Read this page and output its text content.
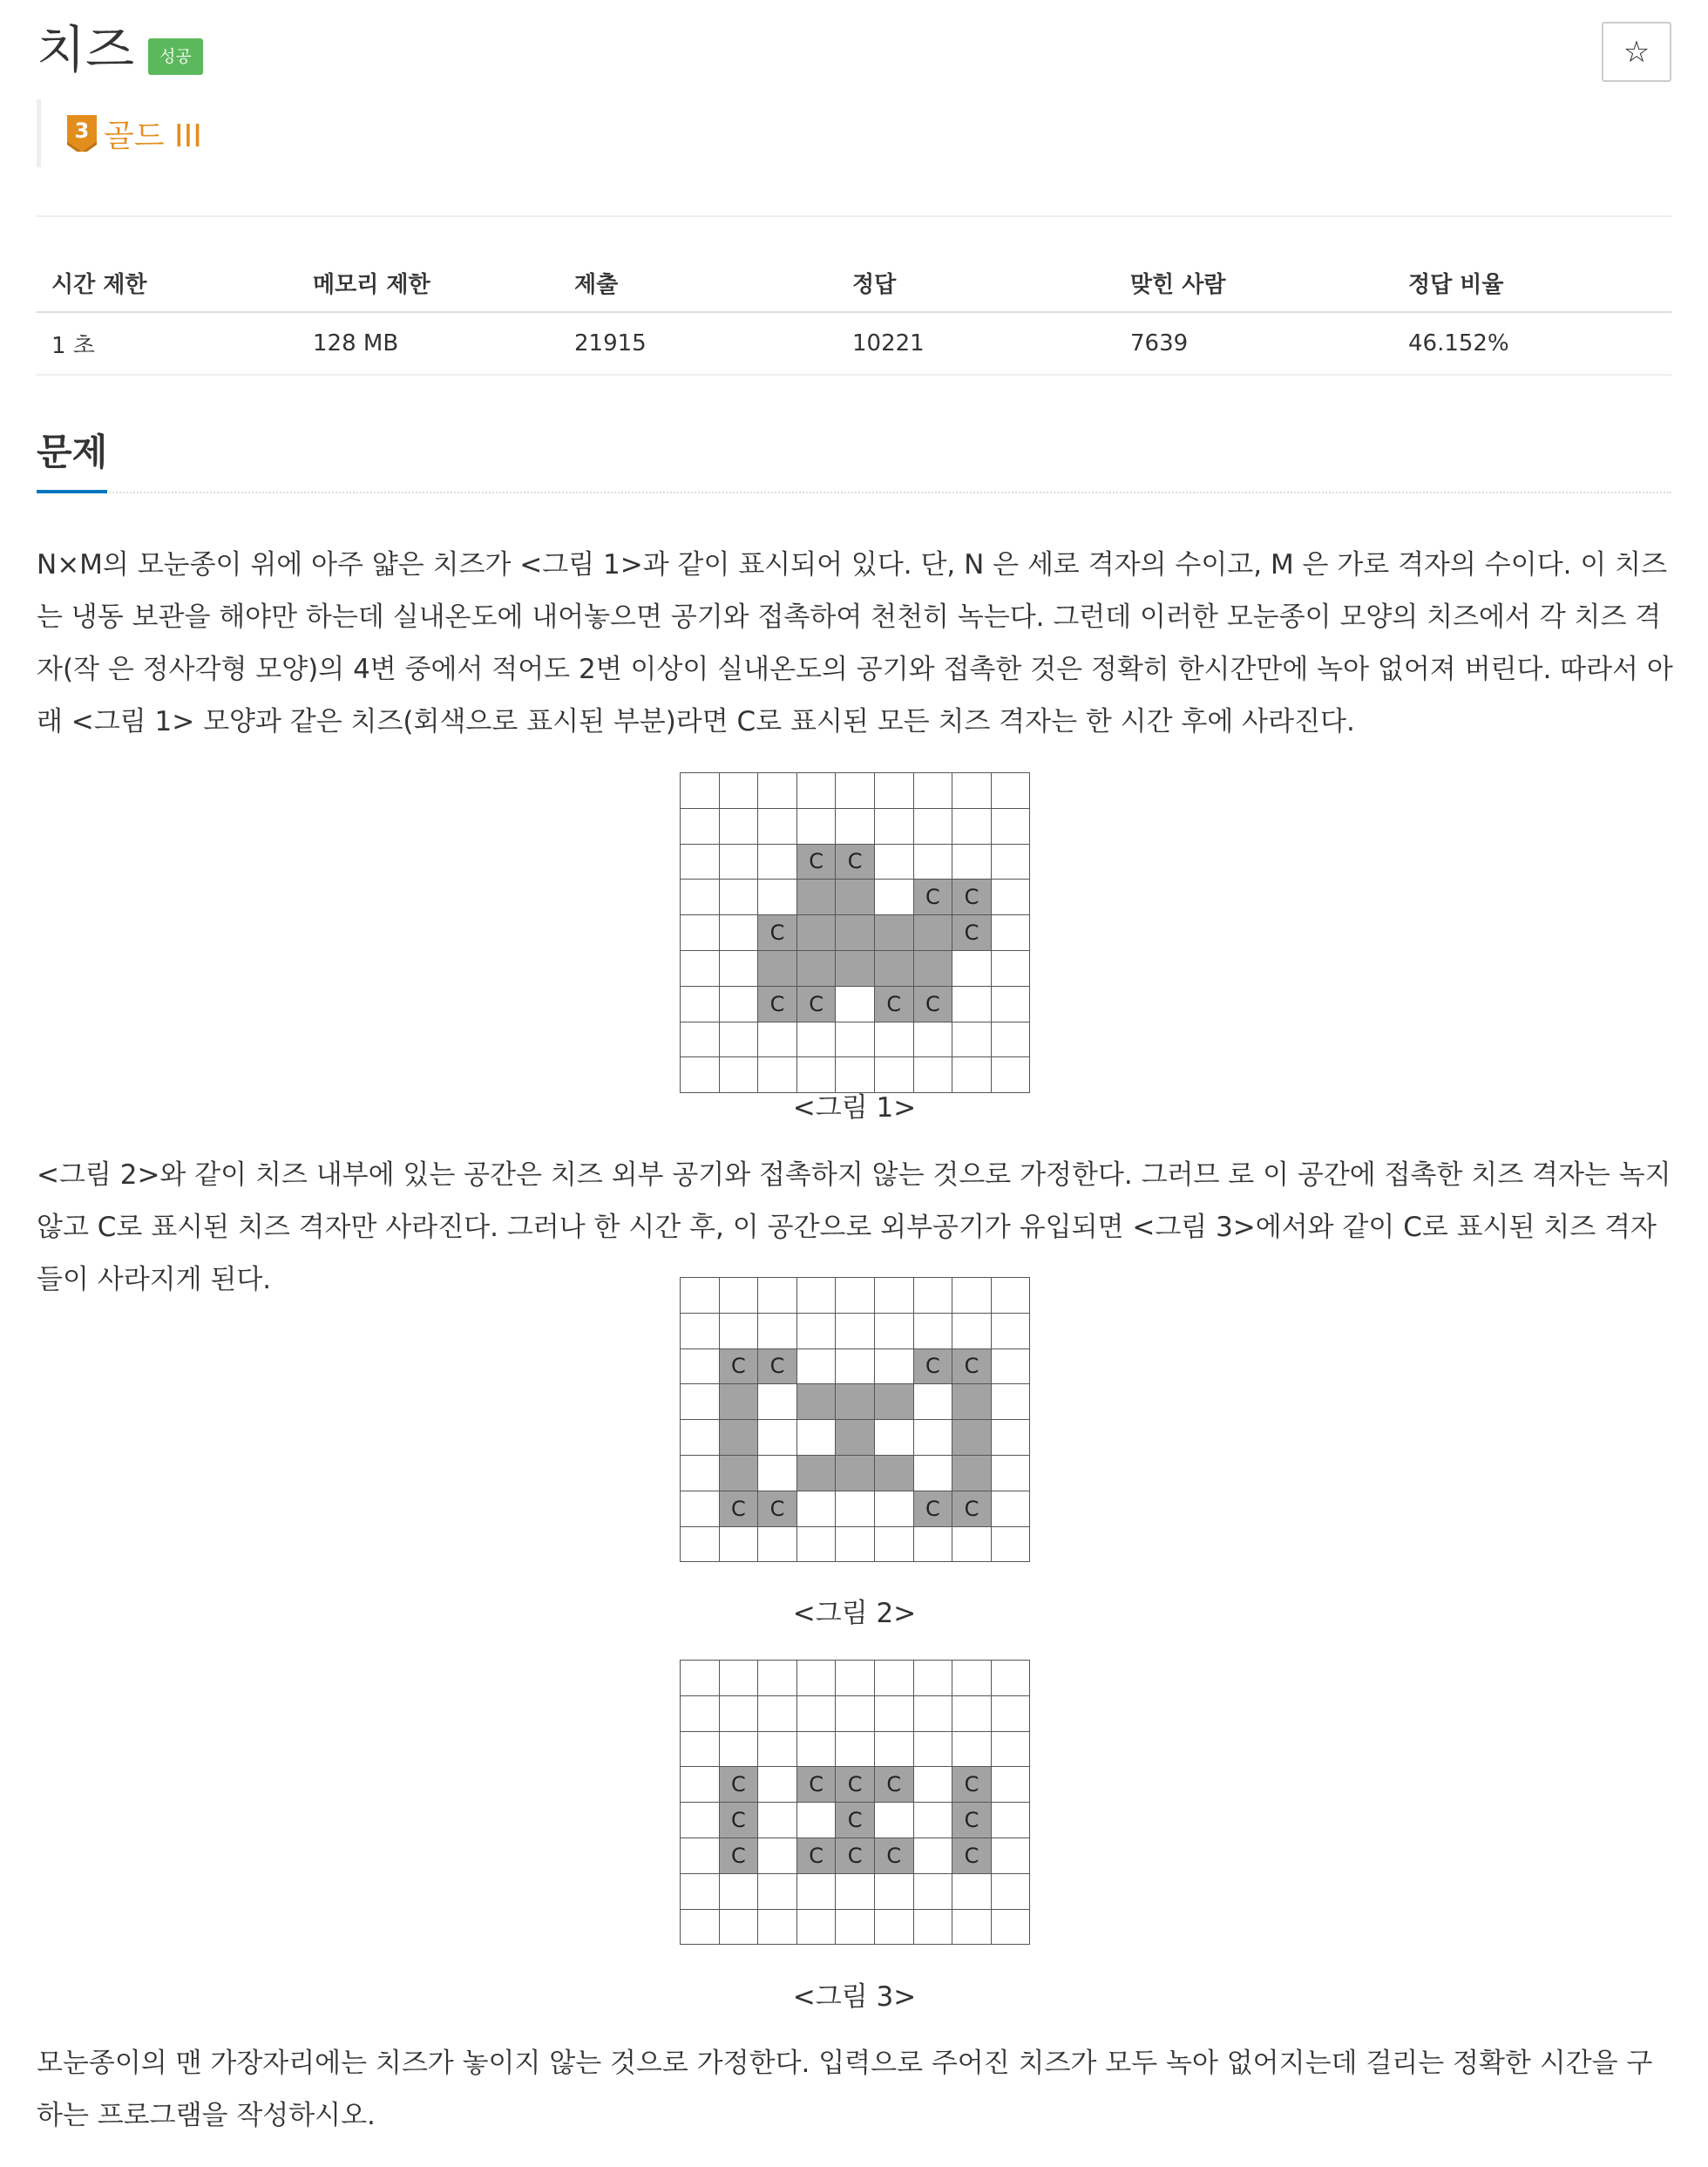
치즈	성공	☆
3 골드 III
시간 제한	메모리 제한	제출	정답	맞힌 사람	정답 비율
1 초	128 MB	21915	10221	7639	46.152%
문제

N×M의 모눈종이 위에 아주 얇은 치즈가 <그림 1>과 같이 표시되어 있다. 단, N 은 세로 격자의 수이고, M 은 가로 격자의 수이다. 이 치즈는 냉동 보관을 해야만 하는데 실내온도에 내어놓으면 공기와 접촉하여 천천히 녹는다. 그런데 이러한 모눈종이 모양의 치즈에서 각 치즈 격자(작 은 정사각형 모양)의 4변 중에서 적어도 2변 이상이 실내온도의 공기와 접촉한 것은 정확히 한시간만에 녹아 없어져 버린다. 따라서 아래 <그림 1> 모양과 같은 치즈(회색으로 표시된 부분)라면 C로 표시된 모든 치즈 격자는 한 시간 후에 사라진다.

			C	C				
						C	C	
		C					C	

		C	C		C	C		

<그림 1>

<그림 2>와 같이 치즈 내부에 있는 공간은 치즈 외부 공기와 접촉하지 않는 것으로 가정한다. 그러므 로 이 공간에 접촉한 치즈 격자는 녹지 않고 C로 표시된 치즈 격자만 사라진다. 그러나 한 시간 후, 이 공간으로 외부공기가 유입되면 <그림 3>에서와 같이 C로 표시된 치즈 격자들이 사라지게 된다.

	C	C				C	C	

	C	C				C	C	

<그림 2>

	C		C	C	C		C	
	C			C			C	
	C		C	C	C		C	

<그림 3>

모눈종이의 맨 가장자리에는 치즈가 놓이지 않는 것으로 가정한다. 입력으로 주어진 치즈가 모두 녹아 없어지는데 걸리는 정확한 시간을 구하는 프로그램을 작성하시오.
